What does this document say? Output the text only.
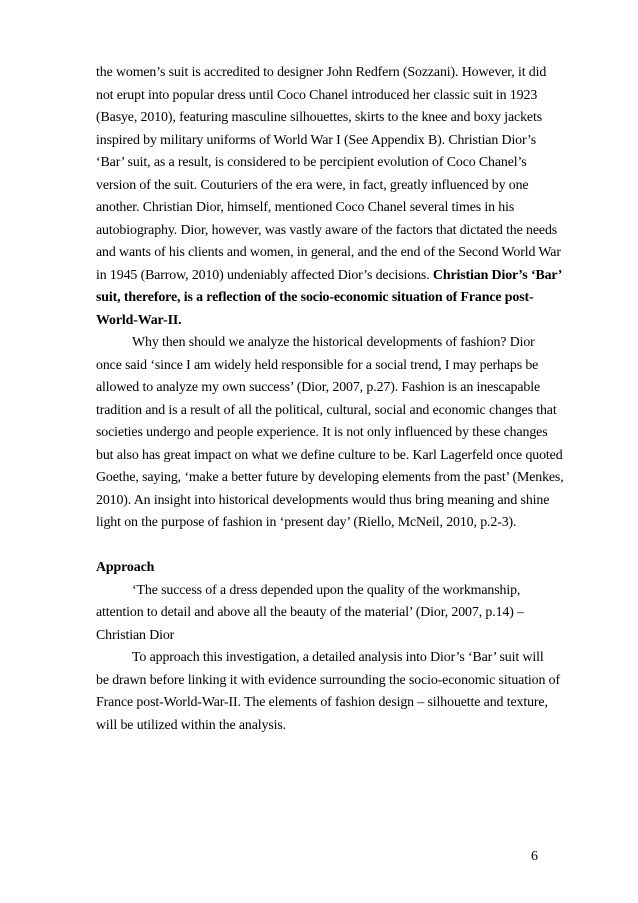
the women’s suit is accredited to designer John Redfern (Sozzani). However, it did
not erupt into popular dress until Coco Chanel introduced her classic suit in 1923
(Basye, 2010), featuring masculine silhouettes, skirts to the knee and boxy jackets
inspired by military uniforms of World War I (See Appendix B). Christian Dior’s
‘Bar’ suit, as a result, is considered to be percipient evolution of Coco Chanel’s
version of the suit. Couturiers of the era were, in fact, greatly influenced by one
another. Christian Dior, himself, mentioned Coco Chanel several times in his
autobiography. Dior, however, was vastly aware of the factors that dictated the needs
and wants of his clients and women, in general, and the end of the Second World War
in 1945 (Barrow, 2010) undeniably affected Dior’s decisions. Christian Dior’s ‘Bar’
suit, therefore, is a reflection of the socio-economic situation of France post-
World-War-II.
Why then should we analyze the historical developments of fashion? Dior
once said ‘since I am widely held responsible for a social trend, I may perhaps be
allowed to analyze my own success’ (Dior, 2007, p.27). Fashion is an inescapable
tradition and is a result of all the political, cultural, social and economic changes that
societies undergo and people experience. It is not only influenced by these changes
but also has great impact on what we define culture to be. Karl Lagerfeld once quoted
Goethe, saying, ‘make a better future by developing elements from the past’ (Menkes,
2010). An insight into historical developments would thus bring meaning and shine
light on the purpose of fashion in ‘present day’ (Riello, McNeil, 2010, p.2-3).
Approach
‘The success of a dress depended upon the quality of the workmanship,
attention to detail and above all the beauty of the material’ (Dior, 2007, p.14) –
Christian Dior
To approach this investigation, a detailed analysis into Dior’s ‘Bar’ suit will
be drawn before linking it with evidence surrounding the socio-economic situation of
France post-World-War-II. The elements of fashion design – silhouette and texture,
will be utilized within the analysis.
6
